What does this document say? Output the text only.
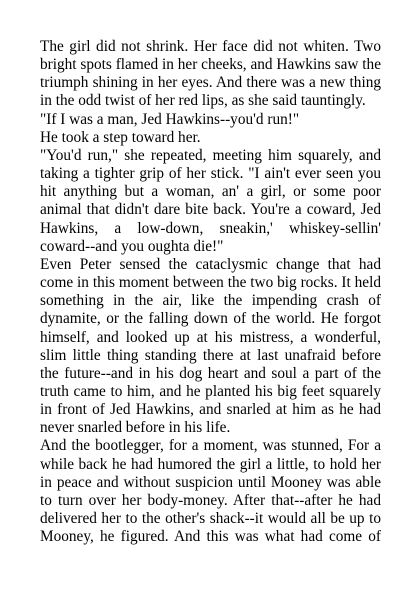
The girl did not shrink. Her face did not whiten. Two bright spots flamed in her cheeks, and Hawkins saw the triumph shining in her eyes. And there was a new thing in the odd twist of her red lips, as she said tauntingly.

"If I was a man, Jed Hawkins--you'd run!"

He took a step toward her.

"You'd run," she repeated, meeting him squarely, and taking a tighter grip of her stick. "I ain't ever seen you hit anything but a woman, an' a girl, or some poor animal that didn't dare bite back. You're a coward, Jed Hawkins, a low-down, sneakin,' whiskey-sellin' coward--and you oughta die!"

Even Peter sensed the cataclysmic change that had come in this moment between the two big rocks. It held something in the air, like the impending crash of dynamite, or the falling down of the world. He forgot himself, and looked up at his mistress, a wonderful, slim little thing standing there at last unafraid before the future--and in his dog heart and soul a part of the truth came to him, and he planted his big feet squarely in front of Jed Hawkins, and snarled at him as he had never snarled before in his life.

And the bootlegger, for a moment, was stunned, For a while back he had humored the girl a little, to hold her in peace and without suspicion until Mooney was able to turn over her body-money. After that--after he had delivered her to the other's shack--it would all be up to Mooney, he figured. And this was what had come of
